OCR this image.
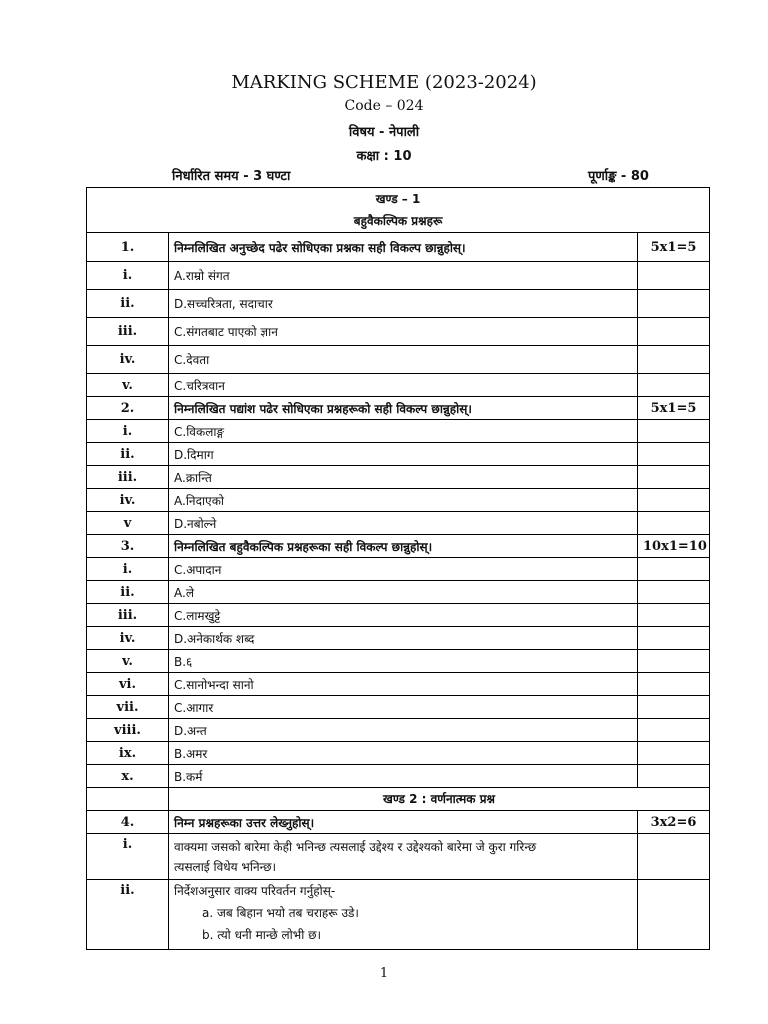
MARKING SCHEME (2023-2024)
Code – 024
विषय - नेपाली
कक्षा : 10
निर्धारित समय - 3 घण्टा	पूर्णाङ्क - 80
खण्ड – 1
बहुवैकल्पिक प्रश्नहरू		

1.	निम्नलिखित अनुच्छेद पढेर सोधिएका प्रश्नका सही विकल्प छान्नुहोस्।	5x1=5
i.	A.राम्रो संगत	
ii.	D.सच्चरित्रता, सदाचार	
iii.	C.संगतबाट पाएको ज्ञान	
iv.	C.देवता	
v.	C.चरित्रवान	
2.	निम्नलिखित पद्यांश पढेर सोधिएका प्रश्नहरूको सही विकल्प छान्नुहोस्।	5x1=5
i.	C.विकलाङ्ग	
ii.	D.दिमाग	
iii.	A.क्रान्ति	
iv.	A.निदाएको	
v	D.नबोल्ने	
3.	निम्नलिखित बहुवैकल्पिक प्रश्नहरूका सही विकल्प छान्नुहोस्।	10x1=10
i.	C.अपादान	
ii.	A.ले	
iii.	C.लामखुट्टे	
iv.	D.अनेकार्थक शब्द	
v.	B.६	
vi.	C.सानोभन्दा सानो	
vii.	C.आगार	
viii.	D.अन्त	
ix.	B.अमर	
x.	B.कर्म	
	खण्ड 2 : वर्णनात्मक प्रश्न	
4.	निम्न प्रश्नहरूका उत्तर लेख्नुहोस्।	3x2=6
i.	वाक्यमा जसको बारेमा केही भनिन्छ त्यसलाई उद्देश्य र उद्देश्यको बारेमा जे कुरा गरिन्छ
त्यसलाई विधेय भनिन्छ।	

ii.	निर्देशअनुसार वाक्य परिवर्तन गर्नुहोस्-
a. जब बिहान भयो तब चराहरू उडे।
b. त्यो धनी मान्छे लोभी छ।	

1
